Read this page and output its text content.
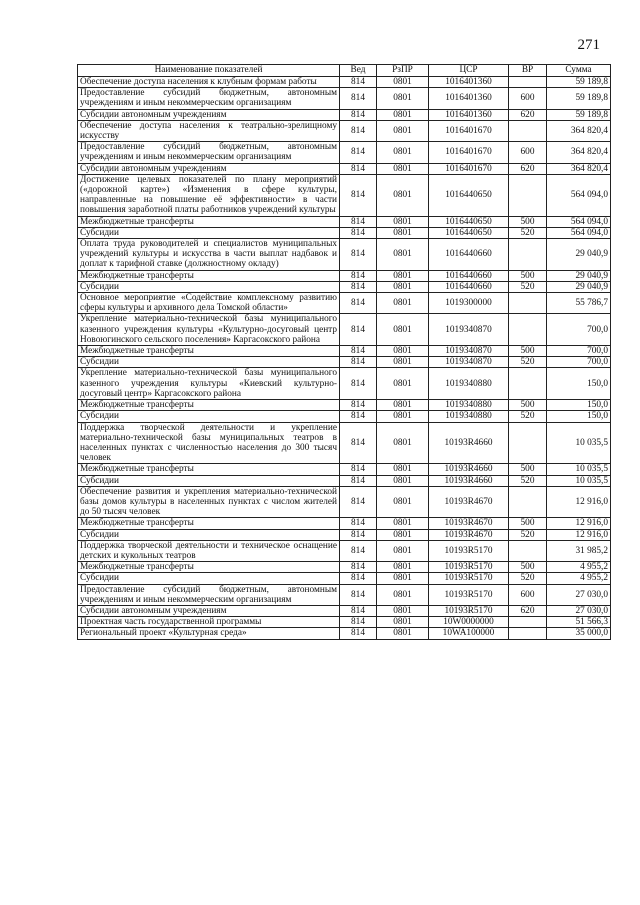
271
Наименование показателей	Вед	РзПР	ЦСР	ВР	Сумма
Обеспечение доступа населения к клубным формам работы	814	0801	1016401360		59 189,8
Предоставление субсидий бюджетным, автономным учреждениям и иным некоммерческим организациям	814	0801	1016401360	600	59 189,8
Субсидии автономным учреждениям	814	0801	1016401360	620	59 189,8
Обеспечение доступа населения к театрально-зрелищному искусству	814	0801	1016401670		364 820,4
Предоставление субсидий бюджетным, автономным учреждениям и иным некоммерческим организациям	814	0801	1016401670	600	364 820,4
Субсидии автономным учреждениям	814	0801	1016401670	620	364 820,4
Достижение целевых показателей по плану мероприятий («дорожной карте») «Изменения в сфере культуры, направленные на повышение её эффективности» в части повышения заработной платы работников учреждений культуры	814	0801	1016440650		564 094,0
Межбюджетные трансферты	814	0801	1016440650	500	564 094,0
Субсидии	814	0801	1016440650	520	564 094,0
Оплата труда руководителей и специалистов муниципальных учреждений культуры и искусства в части выплат надбавок и доплат к тарифной ставке (должностному окладу)	814	0801	1016440660		29 040,9
Межбюджетные трансферты	814	0801	1016440660	500	29 040,9
Субсидии	814	0801	1016440660	520	29 040,9
Основное мероприятие «Содействие комплексному развитию сферы культуры и архивного дела Томской области»	814	0801	1019300000		55 786,7
Укрепление материально-технической базы муниципального казенного учреждения культуры «Культурно-досуговый центр Новоюгинского сельского поселения» Каргасокского района	814	0801	1019340870		700,0
Межбюджетные трансферты	814	0801	1019340870	500	700,0
Субсидии	814	0801	1019340870	520	700,0
Укрепление материально-технической базы муниципального казенного учреждения культуры «Киевский культурно-досуговый центр» Каргасокского района	814	0801	1019340880		150,0
Межбюджетные трансферты	814	0801	1019340880	500	150,0
Субсидии	814	0801	1019340880	520	150,0
Поддержка творческой деятельности и укрепление материально-технической базы муниципальных театров в населенных пунктах с численностью населения до 300 тысяч человек	814	0801	10193R4660		10 035,5
Межбюджетные трансферты	814	0801	10193R4660	500	10 035,5
Субсидии	814	0801	10193R4660	520	10 035,5
Обеспечение развития и укрепления материально-технической базы домов культуры в населенных пунктах с числом жителей до 50 тысяч человек	814	0801	10193R4670		12 916,0
Межбюджетные трансферты	814	0801	10193R4670	500	12 916,0
Субсидии	814	0801	10193R4670	520	12 916,0
Поддержка творческой деятельности и техническое оснащение детских и кукольных театров	814	0801	10193R5170		31 985,2
Межбюджетные трансферты	814	0801	10193R5170	500	4 955,2
Субсидии	814	0801	10193R5170	520	4 955,2
Предоставление субсидий бюджетным, автономным учреждениям и иным некоммерческим организациям	814	0801	10193R5170	600	27 030,0
Субсидии автономным учреждениям	814	0801	10193R5170	620	27 030,0
Проектная часть государственной программы	814	0801	10W0000000		51 566,3
Региональный проект «Культурная среда»	814	0801	10WA100000		35 000,0
